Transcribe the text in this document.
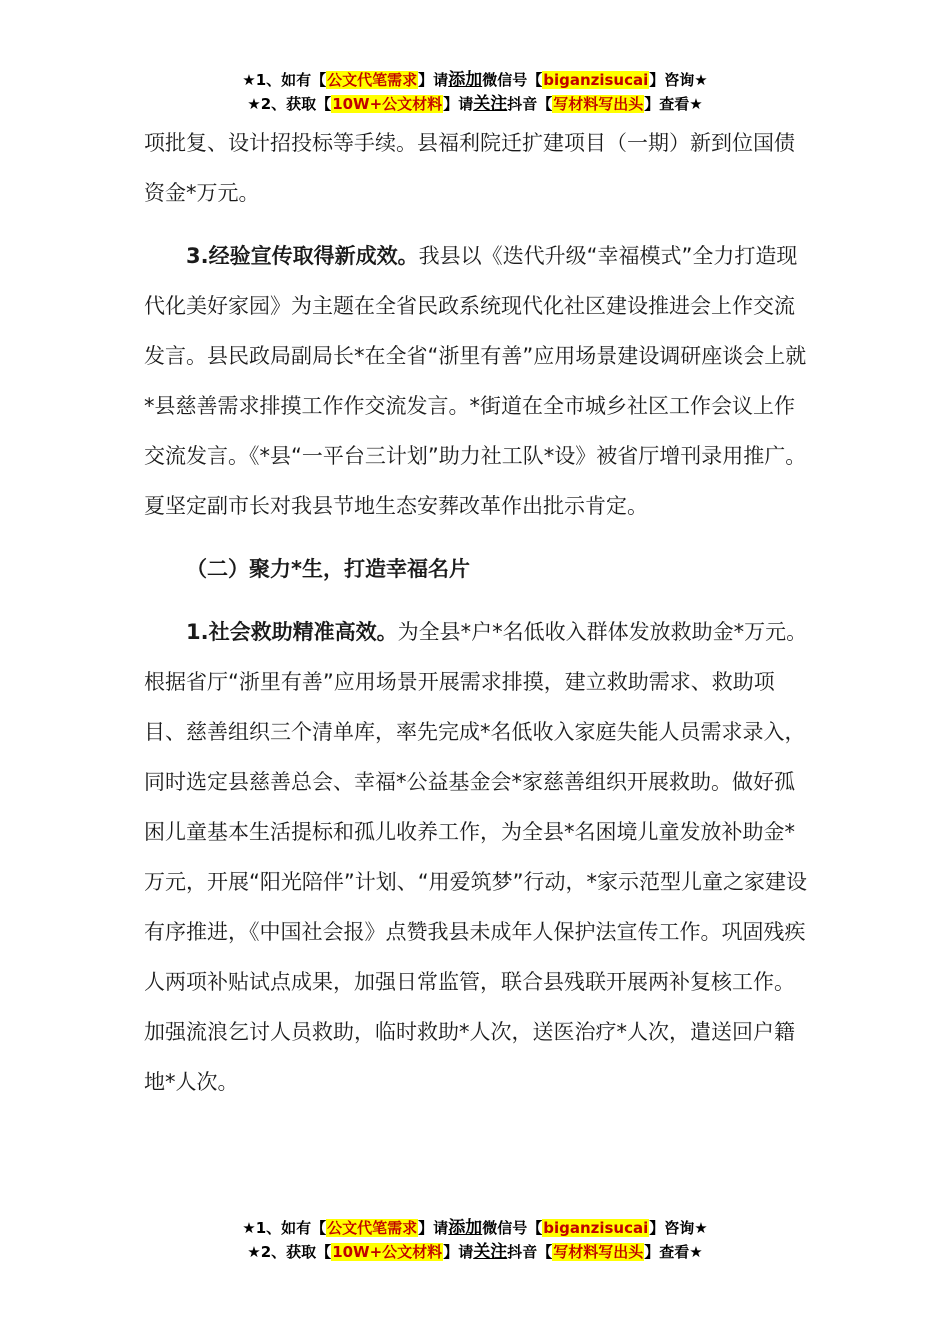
★1、如有【公文代笔需求】请添加微信号【biganzisucai】咨询★
★2、获取【10W+公文材料】请关注抖音【写材料写出头】查看★

项批复、设计招投标等手续。县福利院迁扩建项目（一期）新到位国债资金*万元。

3.经验宣传取得新成效。我县以《迭代升级“幸福模式”全力打造现代化美好家园》为主题在全省民政系统现代化社区建设推进会上作交流发言。县民政局副局长*在全省“浙里有善”应用场景建设调研座谈会上就*县慈善需求排摸工作作交流发言。*街道在全市城乡社区工作会议上作交流发言。《*县“一平台三计划”助力社工队*设》被省厅增刊录用推广。夏坚定副市长对我县节地生态安葬改革作出批示肯定。

（二）聚力*生，打造幸福名片

1.社会救助精准高效。为全县*户*名低收入群体发放救助金*万元。根据省厅“浙里有善”应用场景开展需求排摸，建立救助需求、救助项目、慈善组织三个清单库，率先完成*名低收入家庭失能人员需求录入，同时选定县慈善总会、幸福*公益基金会*家慈善组织开展救助。做好孤困儿童基本生活提标和孤儿收养工作，为全县*名困境儿童发放补助金*万元，开展“阳光陪伴”计划、“用爱筑梦”行动，*家示范型儿童之家建设有序推进，《中国社会报》点赞我县未成年人保护法宣传工作。巩固残疾人两项补贴试点成果，加强日常监管，联合县残联开展两补复核工作。加强流浪乞讨人员救助，临时救助*人次，送医治疗*人次，遣送回户籍地*人次。

★1、如有【公文代笔需求】请添加微信号【biganzisucai】咨询★
★2、获取【10W+公文材料】请关注抖音【写材料写出头】查看★
